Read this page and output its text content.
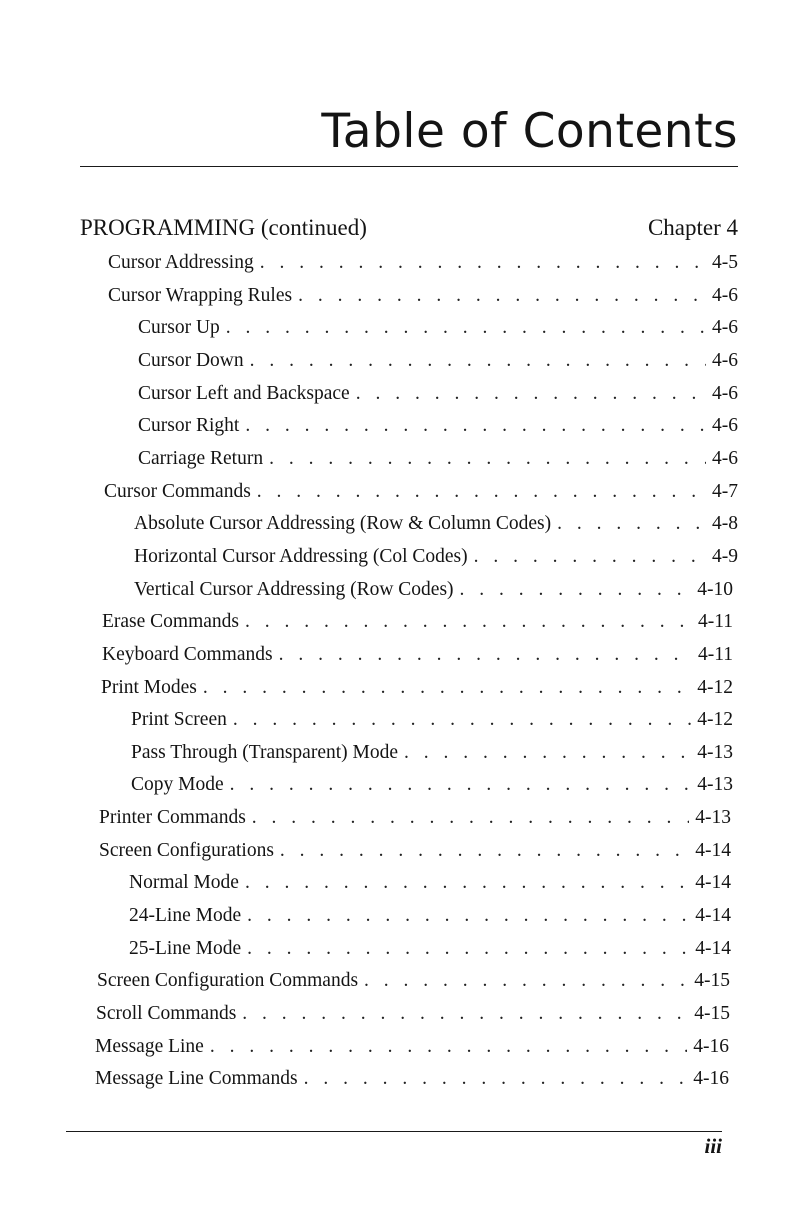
Table of Contents
PROGRAMMING (continued)	Chapter 4
Cursor Addressing . . .	4-5
Cursor Wrapping Rules . . .	4-6
Cursor Up . . .	4-6
Cursor Down . . .	4-6
Cursor Left and Backspace . . .	4-6
Cursor Right . . .	4-6
Carriage Return . . .	4-6
Cursor Commands . . .	4-7
Absolute Cursor Addressing (Row & Column Codes) . . .	4-8
Horizontal Cursor Addressing (Col Codes) . . .	4-9
Vertical Cursor Addressing (Row Codes) . . .	4-10
Erase Commands . . .	4-11
Keyboard Commands . . .	4-11
Print Modes . . .	4-12
Print Screen . . .	4-12
Pass Through (Transparent) Mode . . .	4-13
Copy Mode . . .	4-13
Printer Commands . . .	4-13
Screen Configurations . . .	4-14
Normal Mode . . .	4-14
24-Line Mode . . .	4-14
25-Line Mode . . .	4-14
Screen Configuration Commands . . .	4-15
Scroll Commands . . .	4-15
Message Line . . .	4-16
Message Line Commands . . .	4-16
iii
